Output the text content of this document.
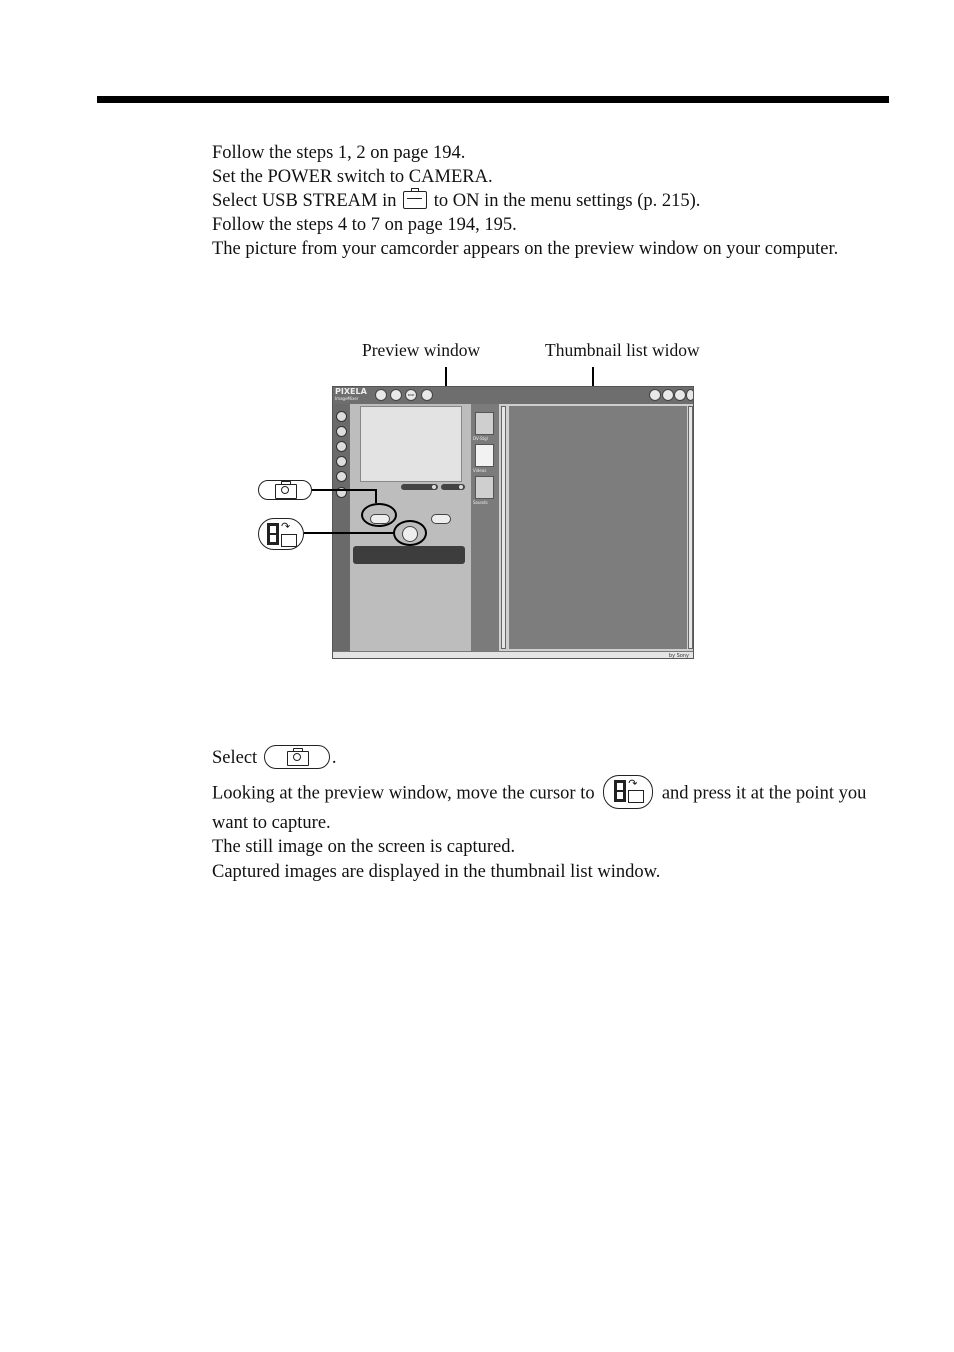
Follow the steps 1, 2 on page 194.

Set the POWER switch to CAMERA.

Select USB STREAM in to ON in the menu settings (p. 215).

Follow the steps 4 to 7 on page 194, 195.

The picture from your camcorder appears on the preview window on your computer.

Preview window	Thumbnail list widow
PIXELA
ImageMixer
DVD
DV-Stgl
Videos
Sounds
by Sony
↷

Select	.

Looking at the preview window, move the cursor to	↷ and press it at the point you want to capture.

The still image on the screen is captured.

Captured images are displayed in the thumbnail list window.
